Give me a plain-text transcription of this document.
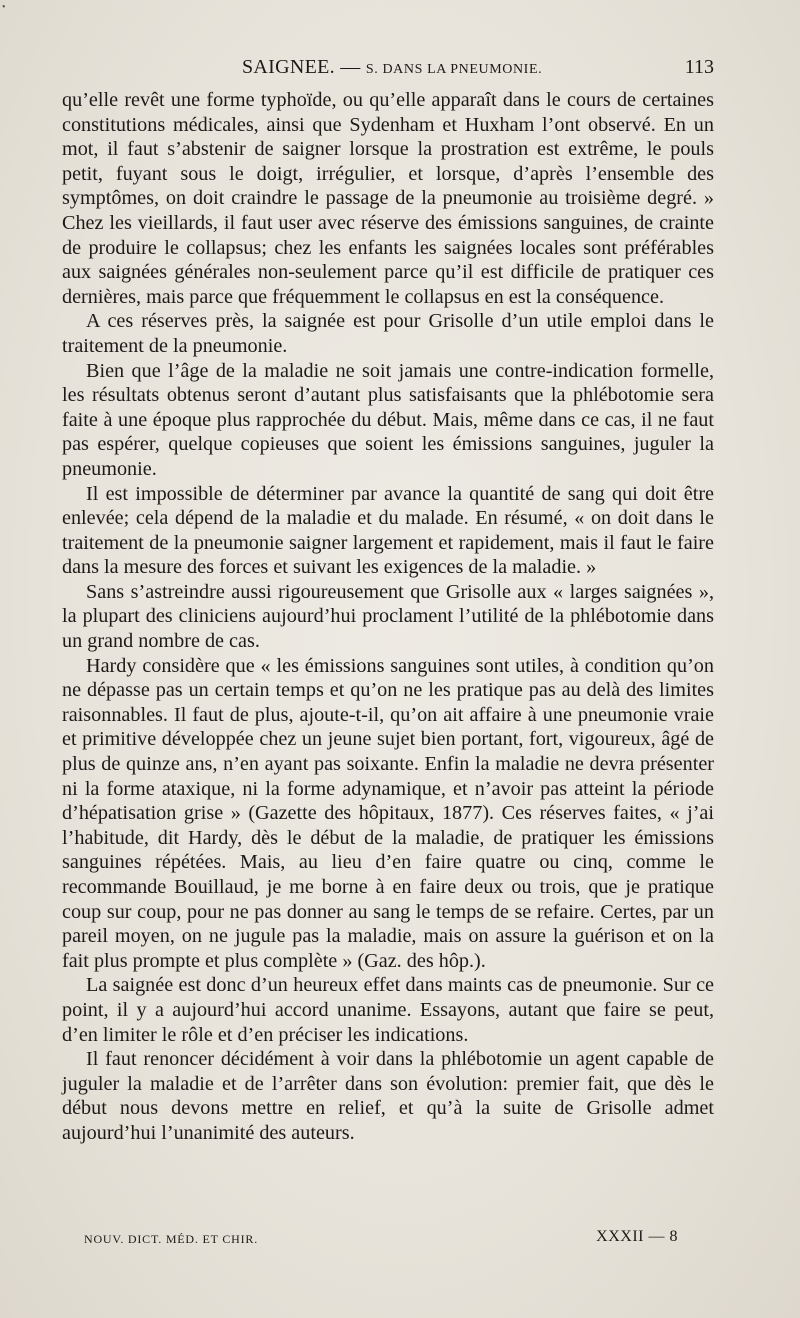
•
SAIGNEE. — S. DANS LA PNEUMONIE.	113

qu’elle revêt une forme typhoïde, ou qu’elle apparaît dans le cours de certaines constitutions médicales, ainsi que Sydenham et Huxham l’ont observé. En un mot, il faut s’abstenir de saigner lorsque la prostration est extrême, le pouls petit, fuyant sous le doigt, irrégulier, et lorsque, d’après l’ensemble des symptômes, on doit craindre le passage de la pneumonie au troisième degré. » Chez les vieillards, il faut user avec réserve des émissions sanguines, de crainte de produire le collapsus; chez les enfants les saignées locales sont préférables aux saignées générales non-seulement parce qu’il est difficile de pratiquer ces dernières, mais parce que fréquemment le collapsus en est la conséquence.

A ces réserves près, la saignée est pour Grisolle d’un utile emploi dans le traitement de la pneumonie.

Bien que l’âge de la maladie ne soit jamais une contre-indication formelle, les résultats obtenus seront d’autant plus satisfaisants que la phlébotomie sera faite à une époque plus rapprochée du début. Mais, même dans ce cas, il ne faut pas espérer, quelque copieuses que soient les émissions sanguines, juguler la pneumonie.

Il est impossible de déterminer par avance la quantité de sang qui doit être enlevée; cela dépend de la maladie et du malade. En résumé, « on doit dans le traitement de la pneumonie saigner largement et rapidement, mais il faut le faire dans la mesure des forces et suivant les exigences de la maladie. »

Sans s’astreindre aussi rigoureusement que Grisolle aux « larges saignées », la plupart des cliniciens aujourd’hui proclament l’utilité de la phlébotomie dans un grand nombre de cas.

Hardy considère que « les émissions sanguines sont utiles, à condition qu’on ne dépasse pas un certain temps et qu’on ne les pratique pas au delà des limites raisonnables. Il faut de plus, ajoute-t-il, qu’on ait affaire à une pneumonie vraie et primitive développée chez un jeune sujet bien portant, fort, vigoureux, âgé de plus de quinze ans, n’en ayant pas soixante. Enfin la maladie ne devra présenter ni la forme ataxique, ni la forme adynamique, et n’avoir pas atteint la période d’hépatisation grise » (Gazette des hôpitaux, 1877). Ces réserves faites, « j’ai l’habitude, dit Hardy, dès le début de la maladie, de pratiquer les émissions sanguines répétées. Mais, au lieu d’en faire quatre ou cinq, comme le recommande Bouillaud, je me borne à en faire deux ou trois, que je pratique coup sur coup, pour ne pas donner au sang le temps de se refaire. Certes, par un pareil moyen, on ne jugule pas la maladie, mais on assure la guérison et on la fait plus prompte et plus complète » (Gaz. des hôp.).

La saignée est donc d’un heureux effet dans maints cas de pneumonie. Sur ce point, il y a aujourd’hui accord unanime. Essayons, autant que faire se peut, d’en limiter le rôle et d’en préciser les indications.

Il faut renoncer décidément à voir dans la phlébotomie un agent capable de juguler la maladie et de l’arrêter dans son évolution: premier fait, que dès le début nous devons mettre en relief, et qu’à la suite de Grisolle admet aujourd’hui l’unanimité des auteurs.

NOUV. DICT. MÉD. ET CHIR.	XXXII — 8
